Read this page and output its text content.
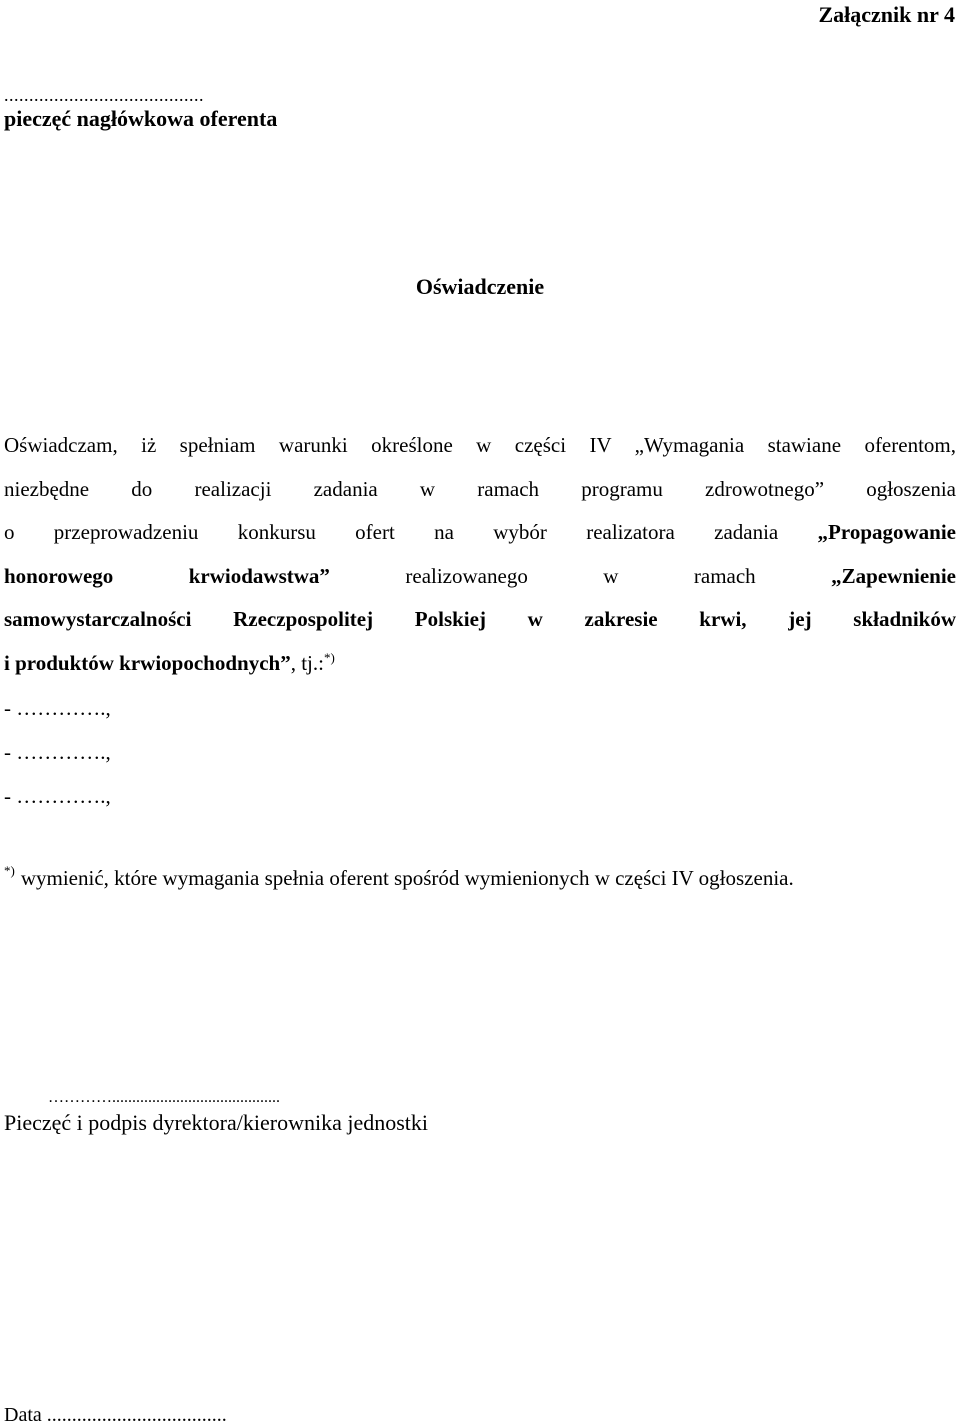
Załącznik nr 4
........................................
pieczęć nagłówkowa oferenta
Oświadczenie
Oświadczam, iż spełniam warunki określone w części IV „Wymagania stawiane oferentom,
niezbędne do realizacji zadania w ramach programu zdrowotnego” ogłoszenia
o przeprowadzeniu konkursu ofert na wybór realizatora zadania „Propagowanie
honorowego krwiodawstwa” realizowanego w ramach „Zapewnienie
samowystarczalności Rzeczpospolitej Polskiej w zakresie krwi, jej składników
i produktów krwiopochodnych”, tj.:*)
- ………….,
- ………….,
- ………….,
*) wymienić, które wymagania spełnia oferent spośród wymienionych w części IV ogłoszenia.
…………..........................................
Pieczęć i podpis dyrektora/kierownika jednostki
Data ....................................
